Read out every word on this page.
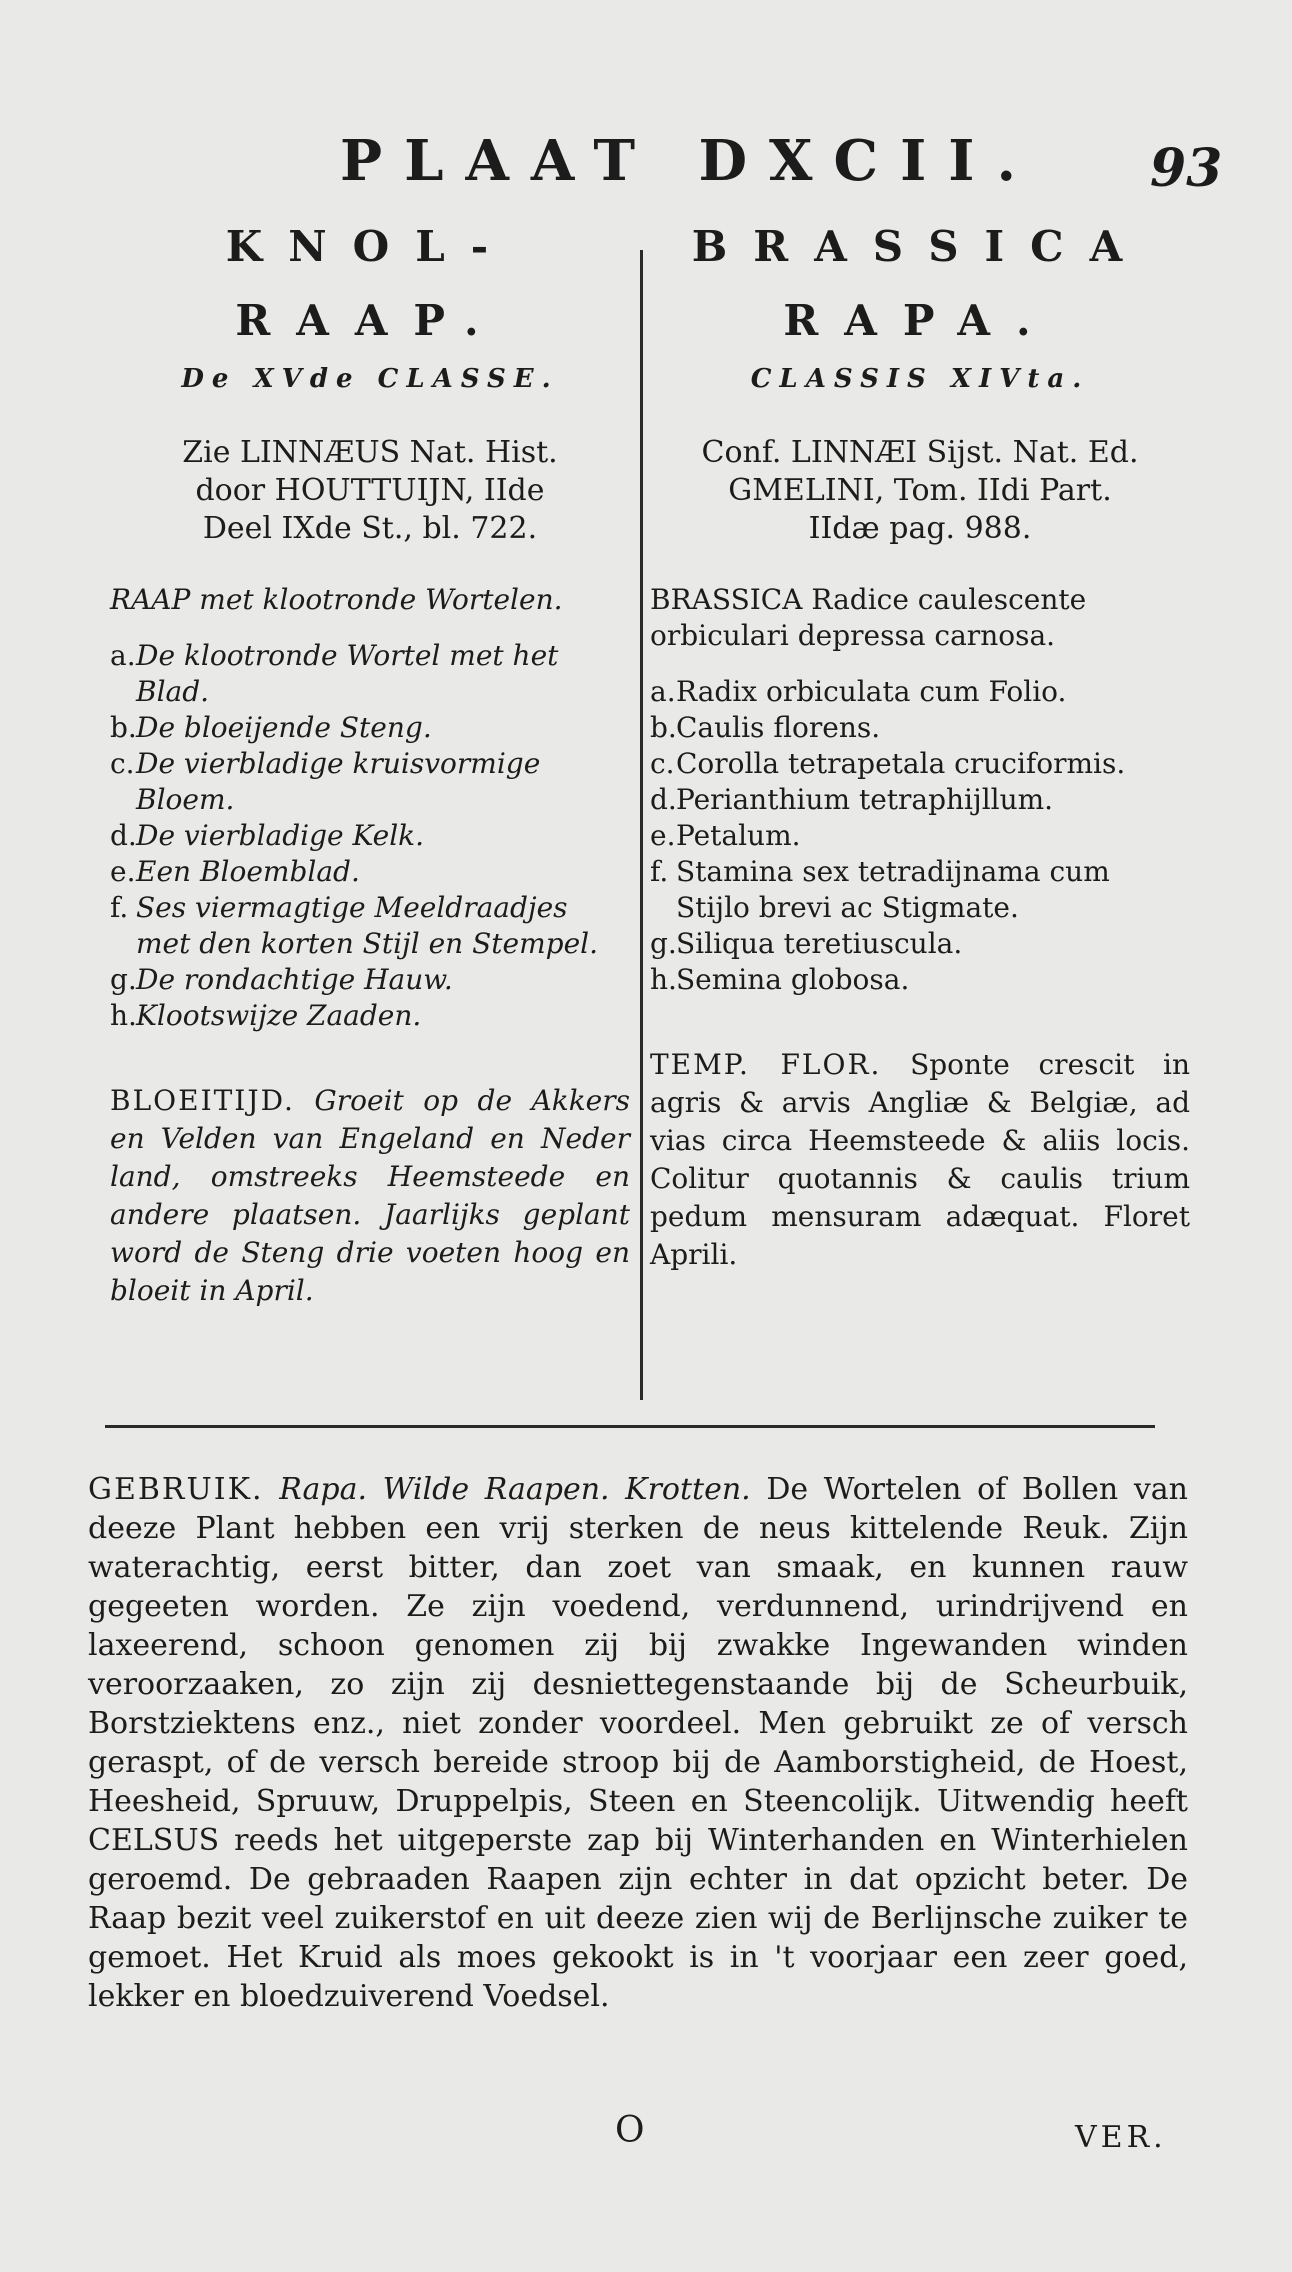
PLAAT DXCII. 93
KNOL-
RAAP.
De XVde CLASSE.
Zie LINNÆUS Nat. Hist.
door HOUTTUIJN, IIde
Deel IXde St., bl. 722.
RAAP met klootronde Wortelen.
a. De klootronde Wortel met het Blad.
b. De bloeijende Steng.
c. De vierbladige kruisvormige Bloem.
d. De vierbladige Kelk.
e. Een Bloemblad.
f. Ses viermagtige Meeldraadjes met den korten Stijl en Stempel.
g. De rondachtige Hauw.
h. Klootswijze Zaaden.
BLOEITIJD. Groeit op de Akkers en Velden van Engeland en Neder land, omstreeks Heemsteede en andere plaatsen. Jaarlijks geplant word de Steng drie voeten hoog en bloeit in April.
BRASSICA
RAPA.
CLASSIS XIVta.
Conf. LINNÆI Sijst. Nat. Ed.
GMELINI, Tom. IIdi Part.
IIdæ pag. 988.
BRASSICA Radice caulescente orbiculari depressa carnosa.
a. Radix orbiculata cum Folio.
b. Caulis florens.
c. Corolla tetrapetala cruciformis.
d. Perianthium tetraphijllum.
e. Petalum.
f. Stamina sex tetradijnama cum Stijlo brevi ac Stigmate.
g. Siliqua teretiuscula.
h. Semina globosa.
TEMP. FLOR. Sponte crescit in agris & arvis Angliæ & Belgiæ, ad vias circa Heemsteede & aliis locis. Colitur quotannis & caulis trium pedum mensuram adæquat. Floret Aprili.
GEBRUIK. Rapa. Wilde Raapen. Krotten. De Wortelen of Bollen van deeze Plant hebben een vrij sterken de neus kittelende Reuk. Zijn waterachtig, eerst bitter, dan zoet van smaak, en kunnen rauw gegeeten worden. Ze zijn voedend, verdunnend, urindrijvend en laxeerend, schoon genomen zij bij zwakke Ingewanden winden veroorzaaken, zo zijn zij desniettegenstaande bij de Scheurbuik, Borstziektens enz., niet zonder voordeel. Men gebruikt ze of versch geraspt, of de versch bereide stroop bij de Aamborstigheid, de Hoest, Heesheid, Spruuw, Druppelpis, Steen en Steencolijk. Uitwendig heeft CELSUS reeds het uitgeperste zap bij Winterhanden en Winterhielen geroemd. De gebraaden Raapen zijn echter in dat opzicht beter. De Raap bezit veel zuikerstof en uit deeze zien wij de Berlijnsche zuiker te gemoet. Het Kruid als moes gekookt is in 't voorjaar een zeer goed, lekker en bloedzuiverend Voedsel.
O	VER.
